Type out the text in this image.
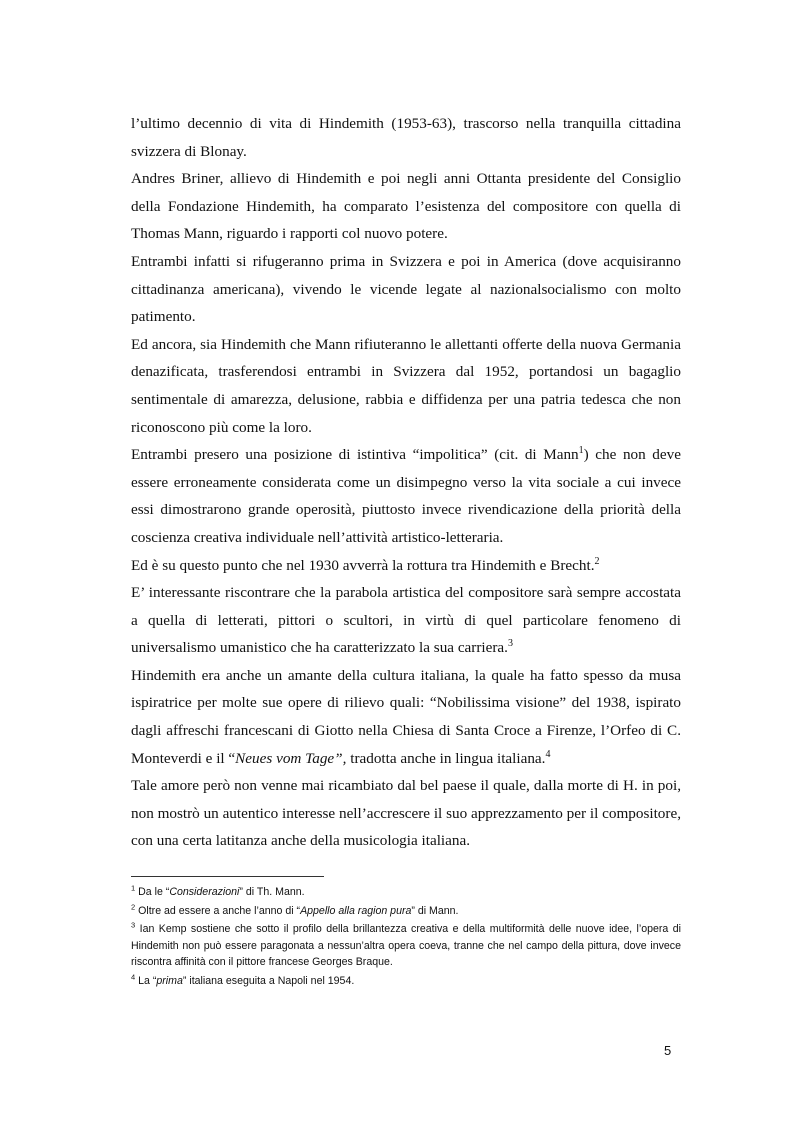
l’ultimo decennio di vita di Hindemith (1953-63), trascorso nella tranquilla cittadina svizzera di Blonay.

Andres Briner, allievo di Hindemith e poi negli anni Ottanta presidente del Consiglio della Fondazione Hindemith, ha comparato l’esistenza del compositore con quella di Thomas Mann, riguardo i rapporti col nuovo potere.

Entrambi infatti si rifugeranno prima in Svizzera e poi in America (dove acquisiranno cittadinanza americana), vivendo le vicende legate al nazionalsocialismo con molto patimento.

Ed ancora, sia Hindemith che Mann rifiuteranno le allettanti offerte della nuova Germania denazificata, trasferendosi entrambi in Svizzera dal 1952, portandosi un bagaglio sentimentale di amarezza, delusione, rabbia e diffidenza per una patria tedesca che non riconoscono più come la loro.

Entrambi presero una posizione di istintiva “impolitica” (cit. di Mann$^1$) che non deve essere erroneamente considerata come un disimpegno verso la vita sociale a cui invece essi dimostrarono grande operosità, piuttosto invece rivendicazione della priorità della coscienza creativa individuale nell’attività artistico-letteraria.

Ed è su questo punto che nel 1930 avverrà la rottura tra Hindemith e Brecht.$^2$

E’ interessante riscontrare che la parabola artistica del compositore sarà sempre accostata a quella di letterati, pittori o scultori, in virtù di quel particolare fenomeno di universalismo umanistico che ha caratterizzato la sua carriera.$^3$

Hindemith era anche un amante della cultura italiana, la quale ha fatto spesso da musa ispiratrice per molte sue opere di rilievo quali: “Nobilissima visione” del 1938, ispirato dagli affreschi francescani di Giotto nella Chiesa di Santa Croce a Firenze, l’Orfeo di C. Monteverdi e il “Neues vom Tage”, tradotta anche in lingua italiana.$^4$

Tale amore però non venne mai ricambiato dal bel paese il quale, dalla morte di H. in poi, non mostrò un autentico interesse nell’accrescere il suo apprezzamento per il compositore, con una certa latitanza anche della musicologia italiana.

$^1$ Da le “Considerazioni” di Th. Mann.

$^2$ Oltre ad essere a anche l’anno di “Appello alla ragion pura” di Mann.

$^3$ Ian Kemp sostiene che sotto il profilo della brillantezza creativa e della multiformità delle nuove idee, l’opera di Hindemith non può essere paragonata a nessun’altra opera coeva, tranne che nel campo della pittura, dove invece riscontra affinità con il pittore francese Georges Braque.

$^4$ La “prima” italiana eseguita a Napoli nel 1954.

5
